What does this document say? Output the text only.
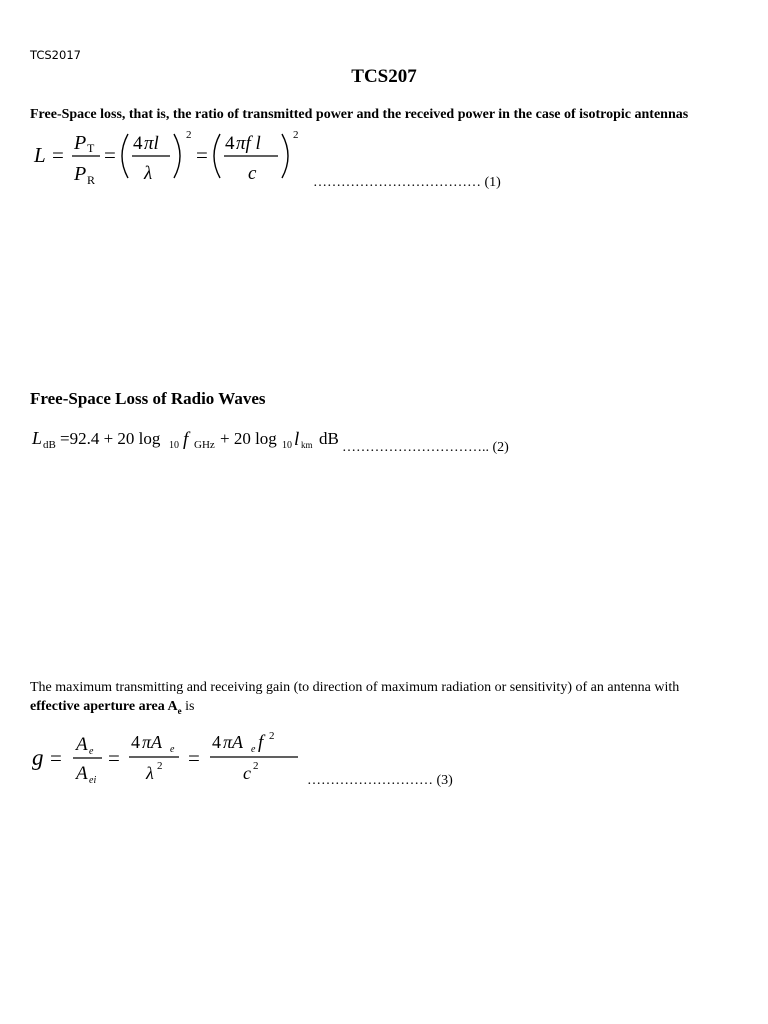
TCS2017
TCS207
Free-Space loss, that is, the ratio of transmitted power and the received power in the case of isotropic antennas
L = P T
P R
= 4 πl
λ
2
= 4 πf l
c
2
……………………………… (1)
Free-Space Loss of Radio Waves
L dB =92.4 + 20 log 10 f GHz + 20 log 10 l km dB ………………………….. (2)
The maximum transmitting and receiving gain (to direction of maximum radiation or sensitivity) of an antenna with
effective aperture area $A_e$ is
g =
A e
A ei
=
4 πA e
λ 2 =
4 πA e f 2
c 2
……………………… (3)
